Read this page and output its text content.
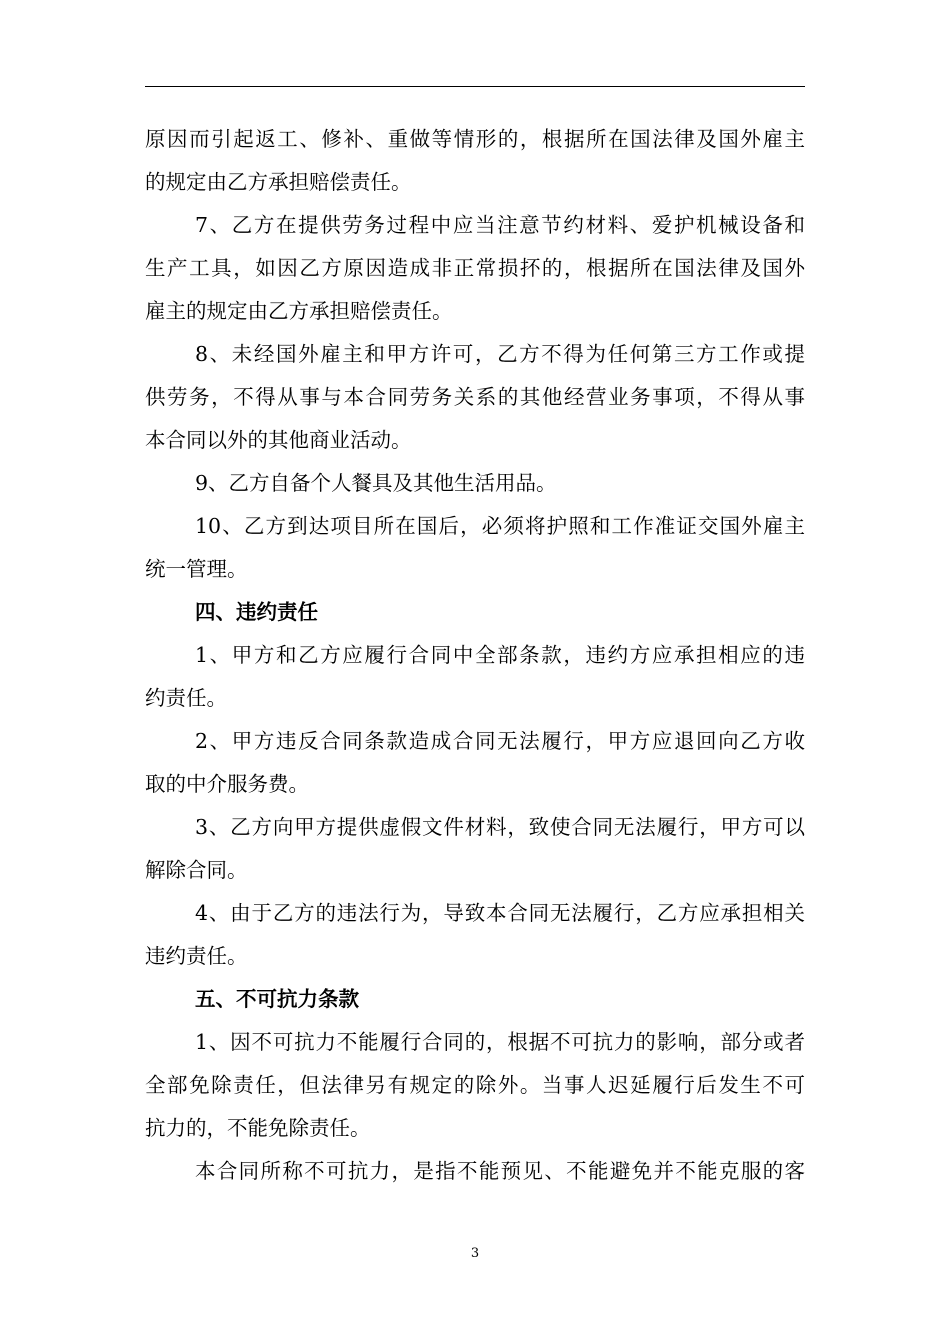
原因而引起返工、修补、重做等情形的，根据所在国法律及国外雇主
的规定由乙方承担赔偿责任。
7、乙方在提供劳务过程中应当注意节约材料、爱护机械设备和
生产工具，如因乙方原因造成非正常损抔的，根据所在国法律及国外
雇主的规定由乙方承担赔偿责任。
8、未经国外雇主和甲方许可，乙方不得为任何第三方工作或提
供劳务，不得从事与本合同劳务关系的其他经营业务事项，不得从事
本合同以外的其他商业活动。
9、乙方自备个人餐具及其他生活用品。
10、乙方到达项目所在国后，必须将护照和工作准证交国外雇主
统一管理。
四、违约责任
1、甲方和乙方应履行合同中全部条款，违约方应承担相应的违
约责任。
2、甲方违反合同条款造成合同无法履行，甲方应退回向乙方收
取的中介服务费。
3、乙方向甲方提供虚假文件材料，致使合同无法履行，甲方可以
解除合同。
4、由于乙方的违法行为，导致本合同无法履行，乙方应承担相关
违约责任。
五、不可抗力条款
1、因不可抗力不能履行合同的，根据不可抗力的影响，部分或者
全部免除责任，但法律另有规定的除外。当事人迟延履行后发生不可
抗力的，不能免除责任。
本合同所称不可抗力，是指不能预见、不能避免并不能克服的客
3
